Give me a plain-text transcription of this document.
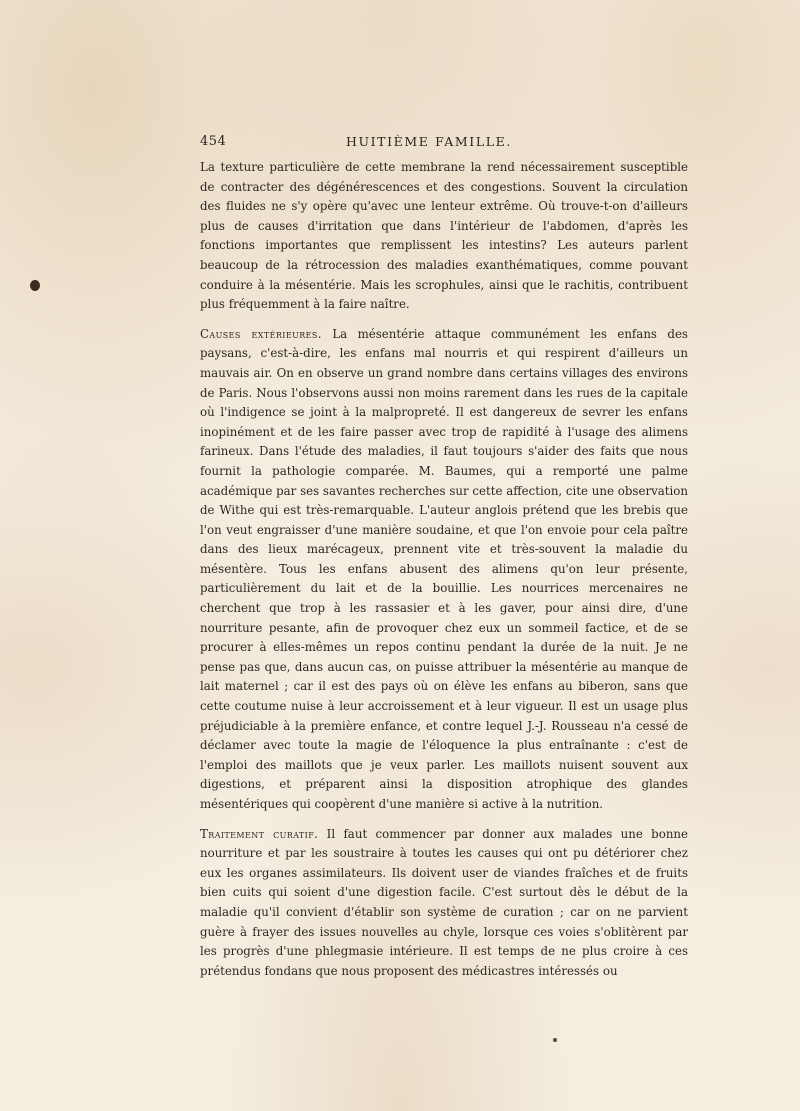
454	HUITIÈME FAMILLE.

La texture particulière de cette membrane la rend nécessairement susceptible de contracter des dégénérescences et des congestions. Souvent la circulation des fluides ne s'y opère qu'avec une lenteur extrême. Où trouve-t-on d'ailleurs plus de causes d'irritation que dans l'intérieur de l'abdomen, d'après les fonctions importantes que remplissent les intestins? Les auteurs parlent beaucoup de la rétrocession des maladies exanthématiques, comme pouvant conduire à la mésentérie. Mais les scrophules, ainsi que le rachitis, contribuent plus fréquemment à la faire naître.

Causes extérieures. La mésentérie attaque communément les enfans des paysans, c'est-à-dire, les enfans mal nourris et qui respirent d'ailleurs un mauvais air. On en observe un grand nombre dans certains villages des environs de Paris. Nous l'observons aussi non moins rarement dans les rues de la capitale où l'indigence se joint à la malpropreté. Il est dangereux de sevrer les enfans inopinément et de les faire passer avec trop de rapidité à l'usage des alimens farineux. Dans l'étude des maladies, il faut toujours s'aider des faits que nous fournit la pathologie comparée. M. Baumes, qui a remporté une palme académique par ses savantes recherches sur cette affection, cite une observation de Withe qui est très-remarquable. L'auteur anglois prétend que les brebis que l'on veut engraisser d'une manière soudaine, et que l'on envoie pour cela paître dans des lieux marécageux, prennent vite et très-souvent la maladie du mésentère. Tous les enfans abusent des alimens qu'on leur présente, particulièrement du lait et de la bouillie. Les nourrices mercenaires ne cherchent que trop à les rassasier et à les gaver, pour ainsi dire, d'une nourriture pesante, afin de provoquer chez eux un sommeil factice, et de se procurer à elles-mêmes un repos continu pendant la durée de la nuit. Je ne pense pas que, dans aucun cas, on puisse attribuer la mésentérie au manque de lait maternel ; car il est des pays où on élève les enfans au biberon, sans que cette coutume nuise à leur accroissement et à leur vigueur. Il est un usage plus préjudiciable à la première enfance, et contre lequel J.-J. Rousseau n'a cessé de déclamer avec toute la magie de l'éloquence la plus entraînante : c'est de l'emploi des maillots que je veux parler. Les maillots nuisent souvent aux digestions, et préparent ainsi la disposition atrophique des glandes mésentériques qui coopèrent d'une manière si active à la nutrition.

Traitement curatif. Il faut commencer par donner aux malades une bonne nourriture et par les soustraire à toutes les causes qui ont pu détériorer chez eux les organes assimilateurs. Ils doivent user de viandes fraîches et de fruits bien cuits qui soient d'une digestion facile. C'est surtout dès le début de la maladie qu'il convient d'établir son système de curation ; car on ne parvient guère à frayer des issues nouvelles au chyle, lorsque ces voies s'oblitèrent par les progrès d'une phlegmasie intérieure. Il est temps de ne plus croire à ces prétendus fondans que nous proposent des médicastres intéressés ou
